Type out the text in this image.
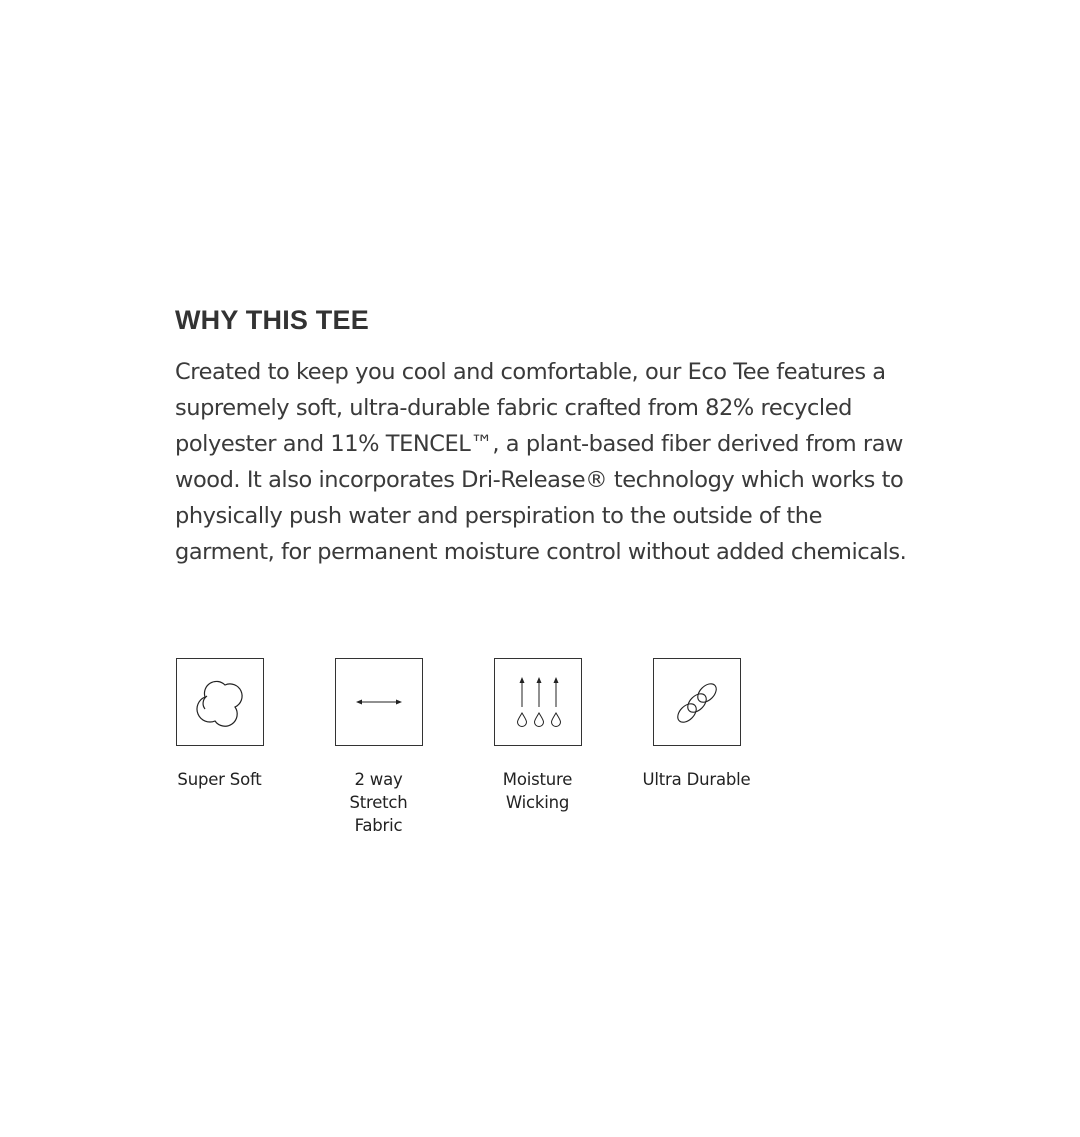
WHY THIS TEE

Created to keep you cool and comfortable, our Eco Tee features a supremely soft, ultra-durable fabric crafted from 82% recycled polyester and 11% TENCEL™, a plant-based fiber derived from raw wood. It also incorporates Dri-Release® technology which works to physically push water and perspiration to the outside of the garment, for permanent moisture control without added chemicals.

Super Soft	2 way Stretch Fabric
Moisture Wicking
Ultra Durable
